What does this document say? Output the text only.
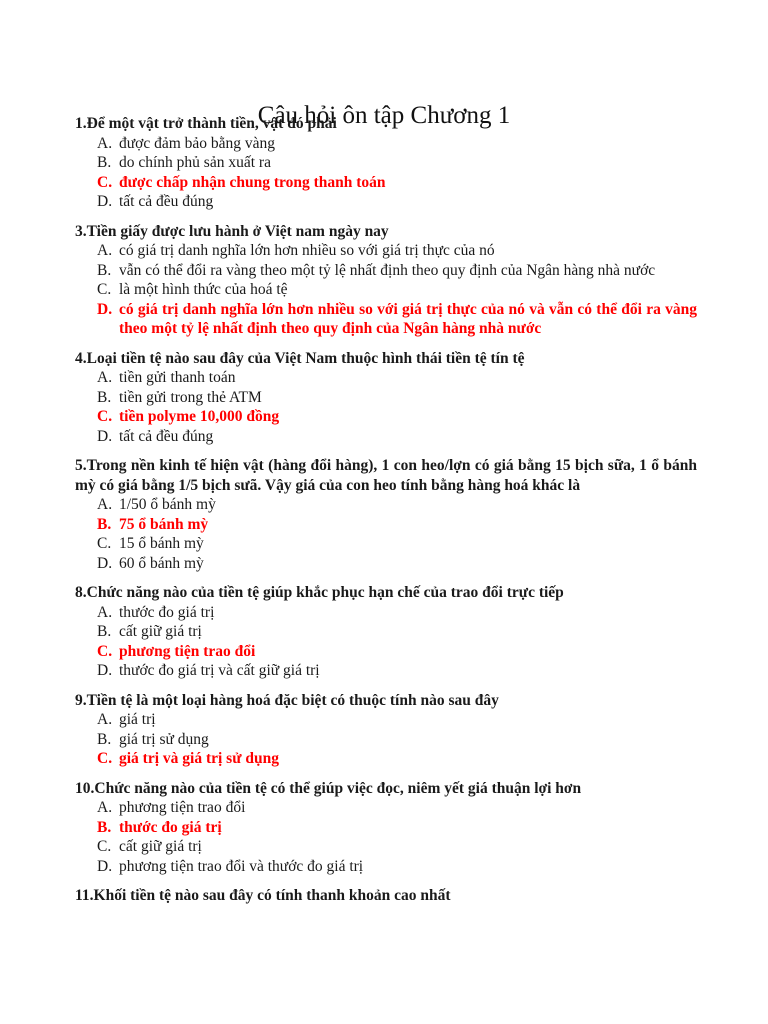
Câu hỏi ôn tập Chương 1

1.Để một vật trở thành tiền, vật đó phải

A. được đảm bảo bằng vàng
B. do chính phủ sản xuất ra
C. được chấp nhận chung trong thanh toán
D. tất cả đều đúng

3.Tiền giấy được lưu hành ở Việt nam ngày nay

A. có giá trị danh nghĩa lớn hơn nhiều so với giá trị thực của nó
B. vẫn có thể đổi ra vàng theo một tỷ lệ nhất định theo quy định của Ngân hàng nhà nước
C. là một hình thức của hoá tệ
D. có giá trị danh nghĩa lớn hơn nhiều so với giá trị thực của nó và vẫn có thể đổi ra vàng theo một tỷ lệ nhất định theo quy định của Ngân hàng nhà nước

4.Loại tiền tệ nào sau đây của Việt Nam thuộc hình thái tiền tệ tín tệ

A. tiền gửi thanh toán
B. tiền gửi trong thẻ ATM
C. tiền polyme 10,000 đồng
D. tất cả đều đúng

5.Trong nền kinh tế hiện vật (hàng đổi hàng), 1 con heo/lợn có giá bằng 15 bịch sữa, 1 ổ bánh mỳ có giá bằng 1/5 bịch sưã. Vậy giá của con heo tính bằng hàng hoá khác là

A. 1/50 ổ bánh mỳ
B. 75 ổ bánh mỳ
C. 15 ổ bánh mỳ
D. 60 ổ bánh mỳ

8.Chức năng nào của tiền tệ giúp khắc phục hạn chế của trao đổi trực tiếp

A. thước đo giá trị
B. cất giữ giá trị
C. phương tiện trao đổi
D. thước đo giá trị và cất giữ giá trị

9.Tiền tệ là một loại hàng hoá đặc biệt có thuộc tính nào sau đây

A. giá trị
B. giá trị sử dụng
C. giá trị và giá trị sử dụng

10.Chức năng nào của tiền tệ có thể giúp việc đọc, niêm yết giá thuận lợi hơn

A. phương tiện trao đổi
B. thước đo giá trị
C. cất giữ giá trị
D. phương tiện trao đổi và thước đo giá trị

11.Khối tiền tệ nào sau đây có tính thanh khoản cao nhất
